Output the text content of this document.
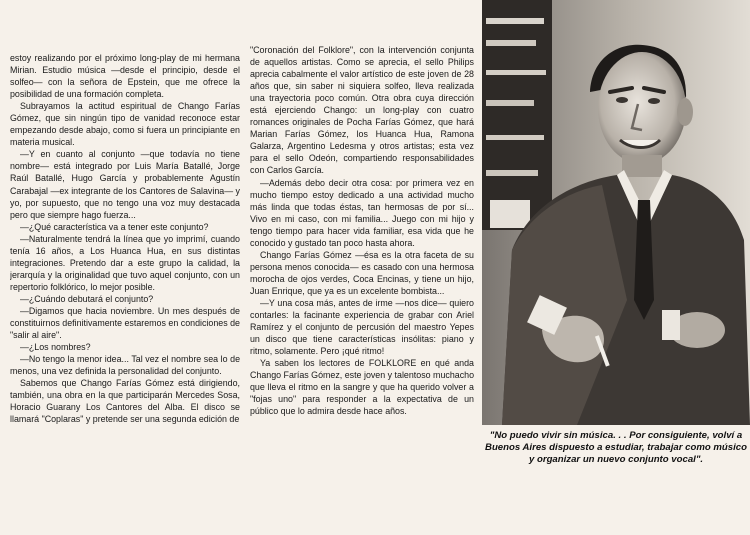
estoy realizando por el próximo long-play de mi hermana Mirian. Estudio música —desde el principio, desde el solfeo— con la señora de Epstein, que me ofrece la posibilidad de una formación completa.

Subrayamos la actitud espiritual de Chango Farías Gómez, que sin ningún tipo de vanidad reconoce estar empezando desde abajo, como si fuera un principiante en materia musical.

—Y en cuanto al conjunto —que todavía no tiene nombre— está integrado por Luis María Batallé, Jorge Raúl Batallé, Hugo García y probablemente Agustín Carabajal —ex integrante de los Cantores de Salavina— y yo, por supuesto, que no tengo una voz muy destacada pero que siempre hago fuerza...

—¿Qué característica va a tener este conjunto?

—Naturalmente tendrá la línea que yo imprimí, cuando tenía 16 años, a Los Huanca Hua, en sus distintas integraciones. Pretendo dar a este grupo la calidad, la jerarquía y la originalidad que tuvo aquel conjunto, con un repertorio folklórico, lo mejor posible.

—¿Cuándo debutará el conjunto?

—Digamos que hacia noviembre. Un mes después de constituirnos definitivamente estaremos en condiciones de "salir al aire".

—¿Los nombres?

—No tengo la menor idea... Tal vez el nombre sea lo de menos, una vez definida la personalidad del conjunto.

Sabemos que Chango Farías Gómez está dirigiendo, también, una obra en la que participarán Mercedes Sosa, Horacio Guarany Los Cantores del Alba. El disco se llamará "Coplaras" y pretende ser una segunda edición de

"Coronación del Folklore", con la intervención conjunta de aquellos artistas. Como se aprecia, el sello Philips aprecia cabalmente el valor artístico de este joven de 28 años que, sin saber ni siquiera solfeo, lleva realizada una trayectoria poco común. Otra obra cuya dirección está ejerciendo Chango: un long-play con cuatro romances originales de Pocha Farías Gómez, que hará Marian Farías Gómez, los Huanca Hua, Ramona Galarza, Argentino Ledesma y otros artistas; esta vez para el sello Odeón, compartiendo responsabilidades con Carlos García.

—Además debo decir otra cosa: por primera vez en mucho tiempo estoy dedicado a una actividad mucho más linda que todas éstas, tan hermosas de por sí... Vivo en mi caso, con mi familia... Juego con mi hijo y tengo tiempo para hacer vida familiar, esa vida que he conocido y gustado tan poco hasta ahora.

Chango Farías Gómez —ésa es la otra faceta de su persona menos conocida— es casado con una hermosa morocha de ojos verdes, Coca Encinas, y tiene un hijo, Juan Enrique, que ya es un excelente bombista...

—Y una cosa más, antes de irme —nos dice— quiero contarles: la facinante experiencia de grabar con Ariel Ramírez y el conjunto de percusión del maestro Yepes un disco que tiene características insólitas: piano y ritmo, solamente. Pero ¡qué ritmo!

Ya saben los lectores de FOLKLORE en qué anda Chango Farías Gómez, este joven y talentoso muchacho que lleva el ritmo en la sangre y que ha querido volver a "fojas uno" para responder a la expectativa de un público que lo admira desde hace años.

"No puedo vivir sin música. . . Por consiguiente, volví a Buenos Aires dispuesto a estudiar, trabajar como músico y organizar un nuevo conjunto vocal".
